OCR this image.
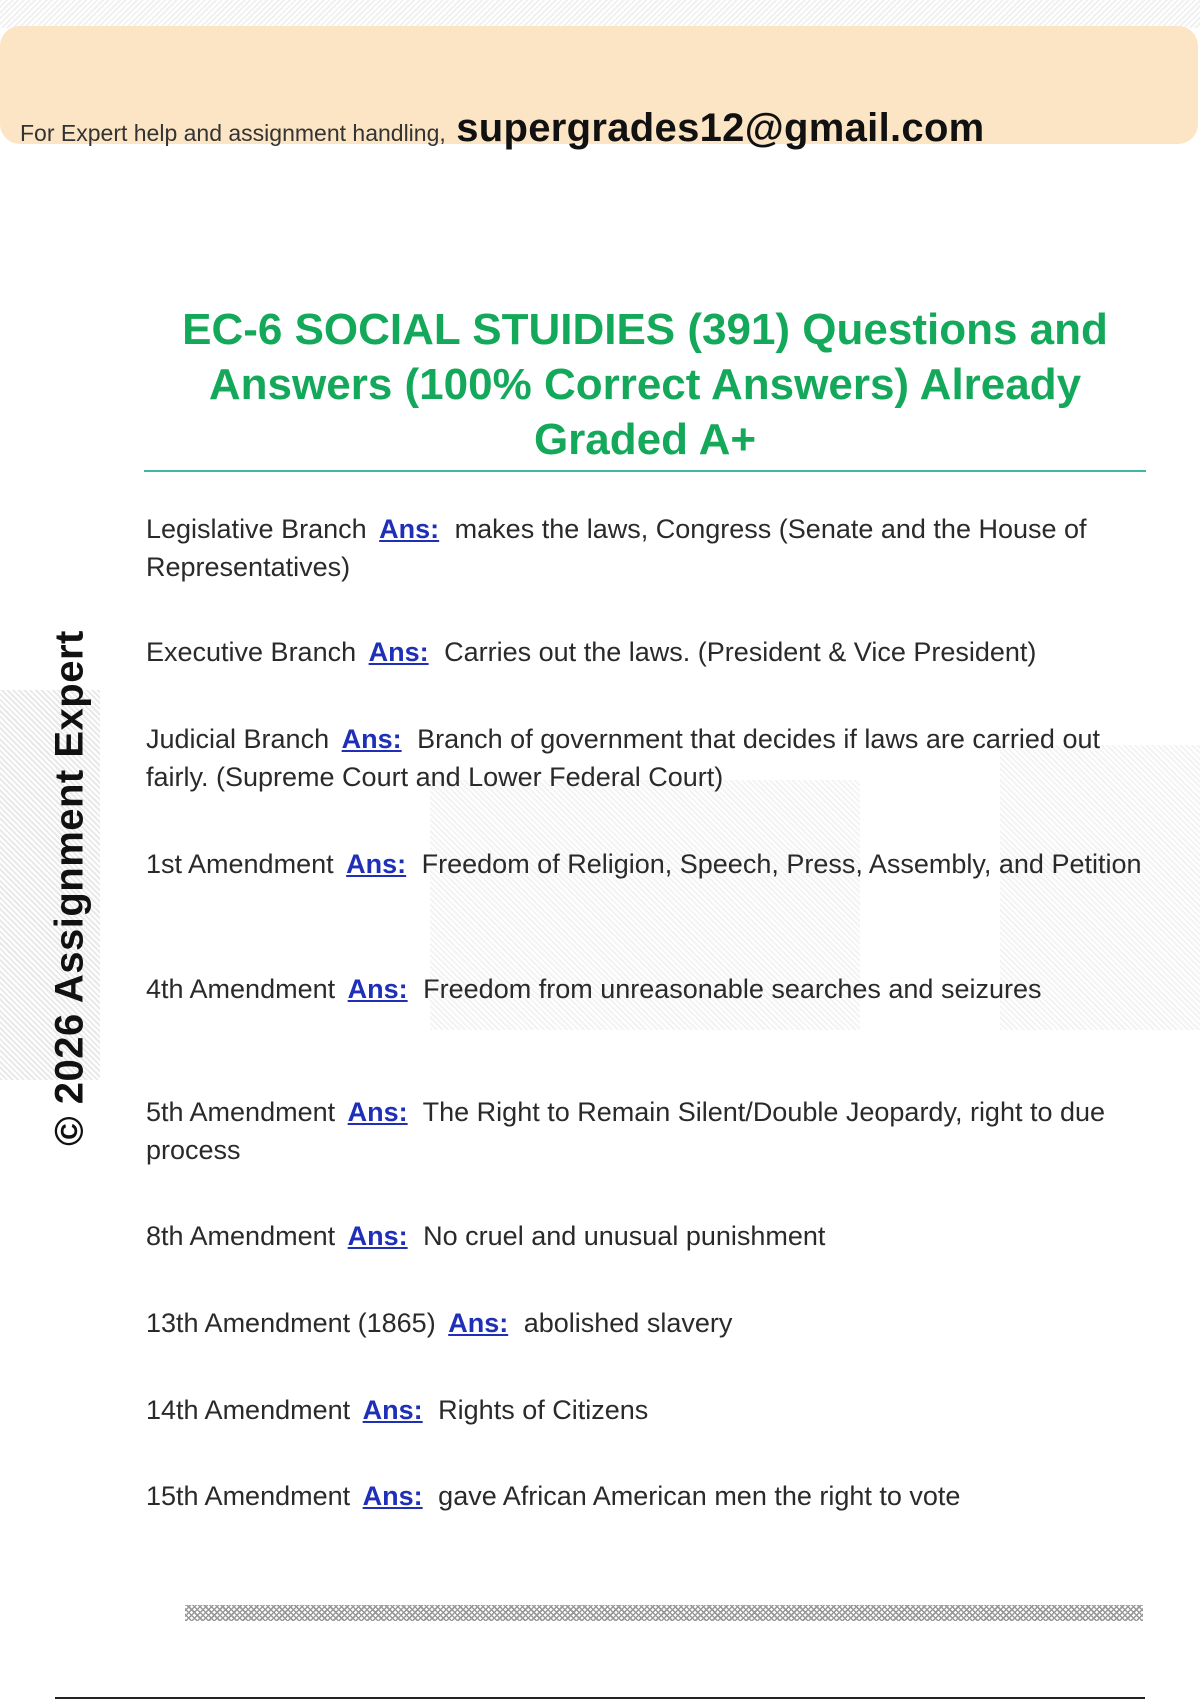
For Expert help and assignment handling, supergrades12@gmail.com
© 2026 Assignment Expert
EC-6 SOCIAL STUIDIES (391) Questions and Answers (100% Correct Answers) Already Graded A+

Legislative Branch Ans: makes the laws, Congress (Senate and the House of Representatives)

Executive Branch Ans: Carries out the laws. (President & Vice President)

Judicial Branch Ans: Branch of government that decides if laws are carried out fairly. (Supreme Court and Lower Federal Court)

1st Amendment Ans: Freedom of Religion, Speech, Press, Assembly, and Petition

4th Amendment Ans: Freedom from unreasonable searches and seizures

5th Amendment Ans: The Right to Remain Silent/Double Jeopardy, right to due process

8th Amendment Ans: No cruel and unusual punishment

13th Amendment (1865) Ans: abolished slavery

14th Amendment Ans: Rights of Citizens

15th Amendment Ans: gave African American men the right to vote
